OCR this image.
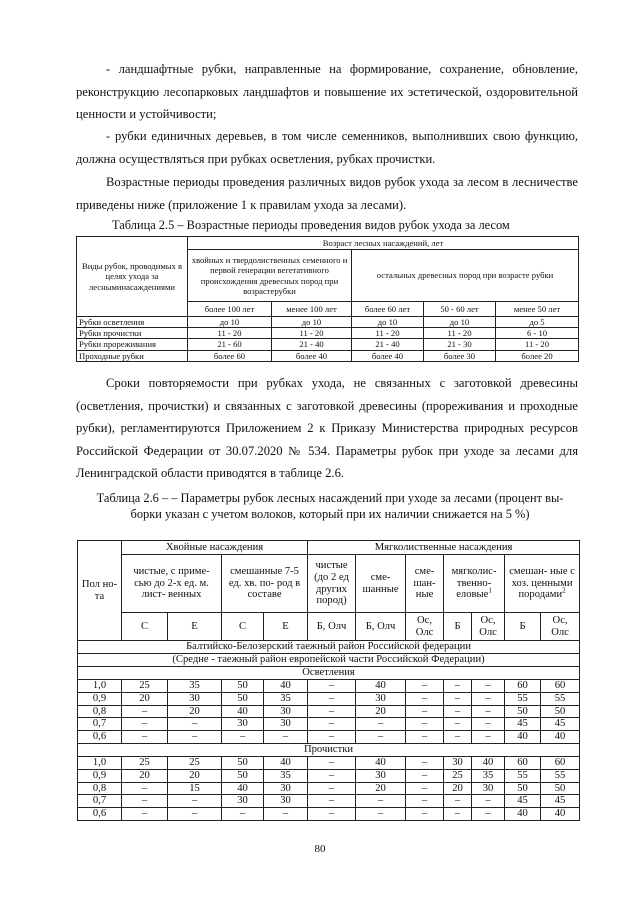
- ландшафтные рубки, направленные на формирование, сохранение, обновление, реконструкцию лесопарковых ландшафтов и повышение их эстетической, оздоровительной ценности и устойчивости;

- рубки единичных деревьев, в том числе семенников, выполнивших свою функцию, должна осуществляться при рубках осветления, рубках прочистки.

Возрастные периоды проведения различных видов рубок ухода за лесом в лесничестве приведены ниже (приложение 1 к правилам ухода за лесами).

Таблица 2.5 – Возрастные периоды проведения видов рубок ухода за лесом

Виды рубок, проводимых в целях ухода за лесныминасаждениями	Возраст лесных насаждений, лет				
	хвойных и твердолиственных семенного и первой генерации вегетативного происхождения древесных пород при возрастерубки		остальных древесных пород при возрасте рубки		
	более 100 лет	менее 100 лет	более 60 лет	50 - 60 лет	менее 50 лет
Рубки осветления	до 10	до 10	до 10	до 10	до 5
Рубки прочистки	11 - 20	11 - 20	11 - 20	11 - 20	6 - 10
Рубки прореживания	21 - 60	21 - 40	21 - 40	21 - 30	11 - 20
Проходные рубки	более 60	более 40	более 40	более 30	более 20

Сроки повторяемости при рубках ухода, не связанных с заготовкой древесины (осветления, прочистки) и связанных с заготовкой древесины (прореживания и проходные рубки), регламентируются Приложением 2 к Приказу Министерства природных ресурсов Российской Федерации от 30.07.2020 № 534. Параметры рубок при уходе за лесами для Ленинградской области приводятся в таблице 2.6.

Таблица 2.6 – – Параметры рубок лесных насаждений при уходе за лесами (процент вы-
борки указан с учетом волоков, который при их наличии снижается на 5 %)

Пол но- та	Хвойные насаждения				Мягколиственные насаждения						
	чистые, с приме- сью до 2-х ед. м. лист- венных		смешанные 7-5 ед. хв. по- род в составе		чистые (до 2 ед других пород)	сме- шанные	сме- шан- ные	мягколис- твенно- еловые$^1$		смешан- ные с хоз. ценными породами$^2$
	С	Е	С	Е	Б, Олч	Б, Олч	Ос, Олс	Б	Ос, Олс	Б	Ос, Олс
Балтийско-Белозерский таежный район Российской федерации											
(Средне - таежный район европейской части Российской Федерации)											
Осветления											
1,0	25	35	50	40	–	40	–	–	–	60	60
0,9	20	30	50	35	–	30	–	–	–	55	55
0,8	–	20	40	30	–	20	–	–	–	50	50
0,7	–	–	30	30	–	–	–	–	–	45	45
0,6	–	–	–	–	–	–	–	–	–	40	40
Прочистки											
1,0	25	25	50	40	–	40	–	30	40	60	60
0,9	20	20	50	35	–	30	–	25	35	55	55
0,8	–	15	40	30	–	20	–	20	30	50	50
0,7	–	–	30	30	–	–	–	–	–	45	45
0,6	–	–	–	–	–	–	–	–	–	40	40
80
